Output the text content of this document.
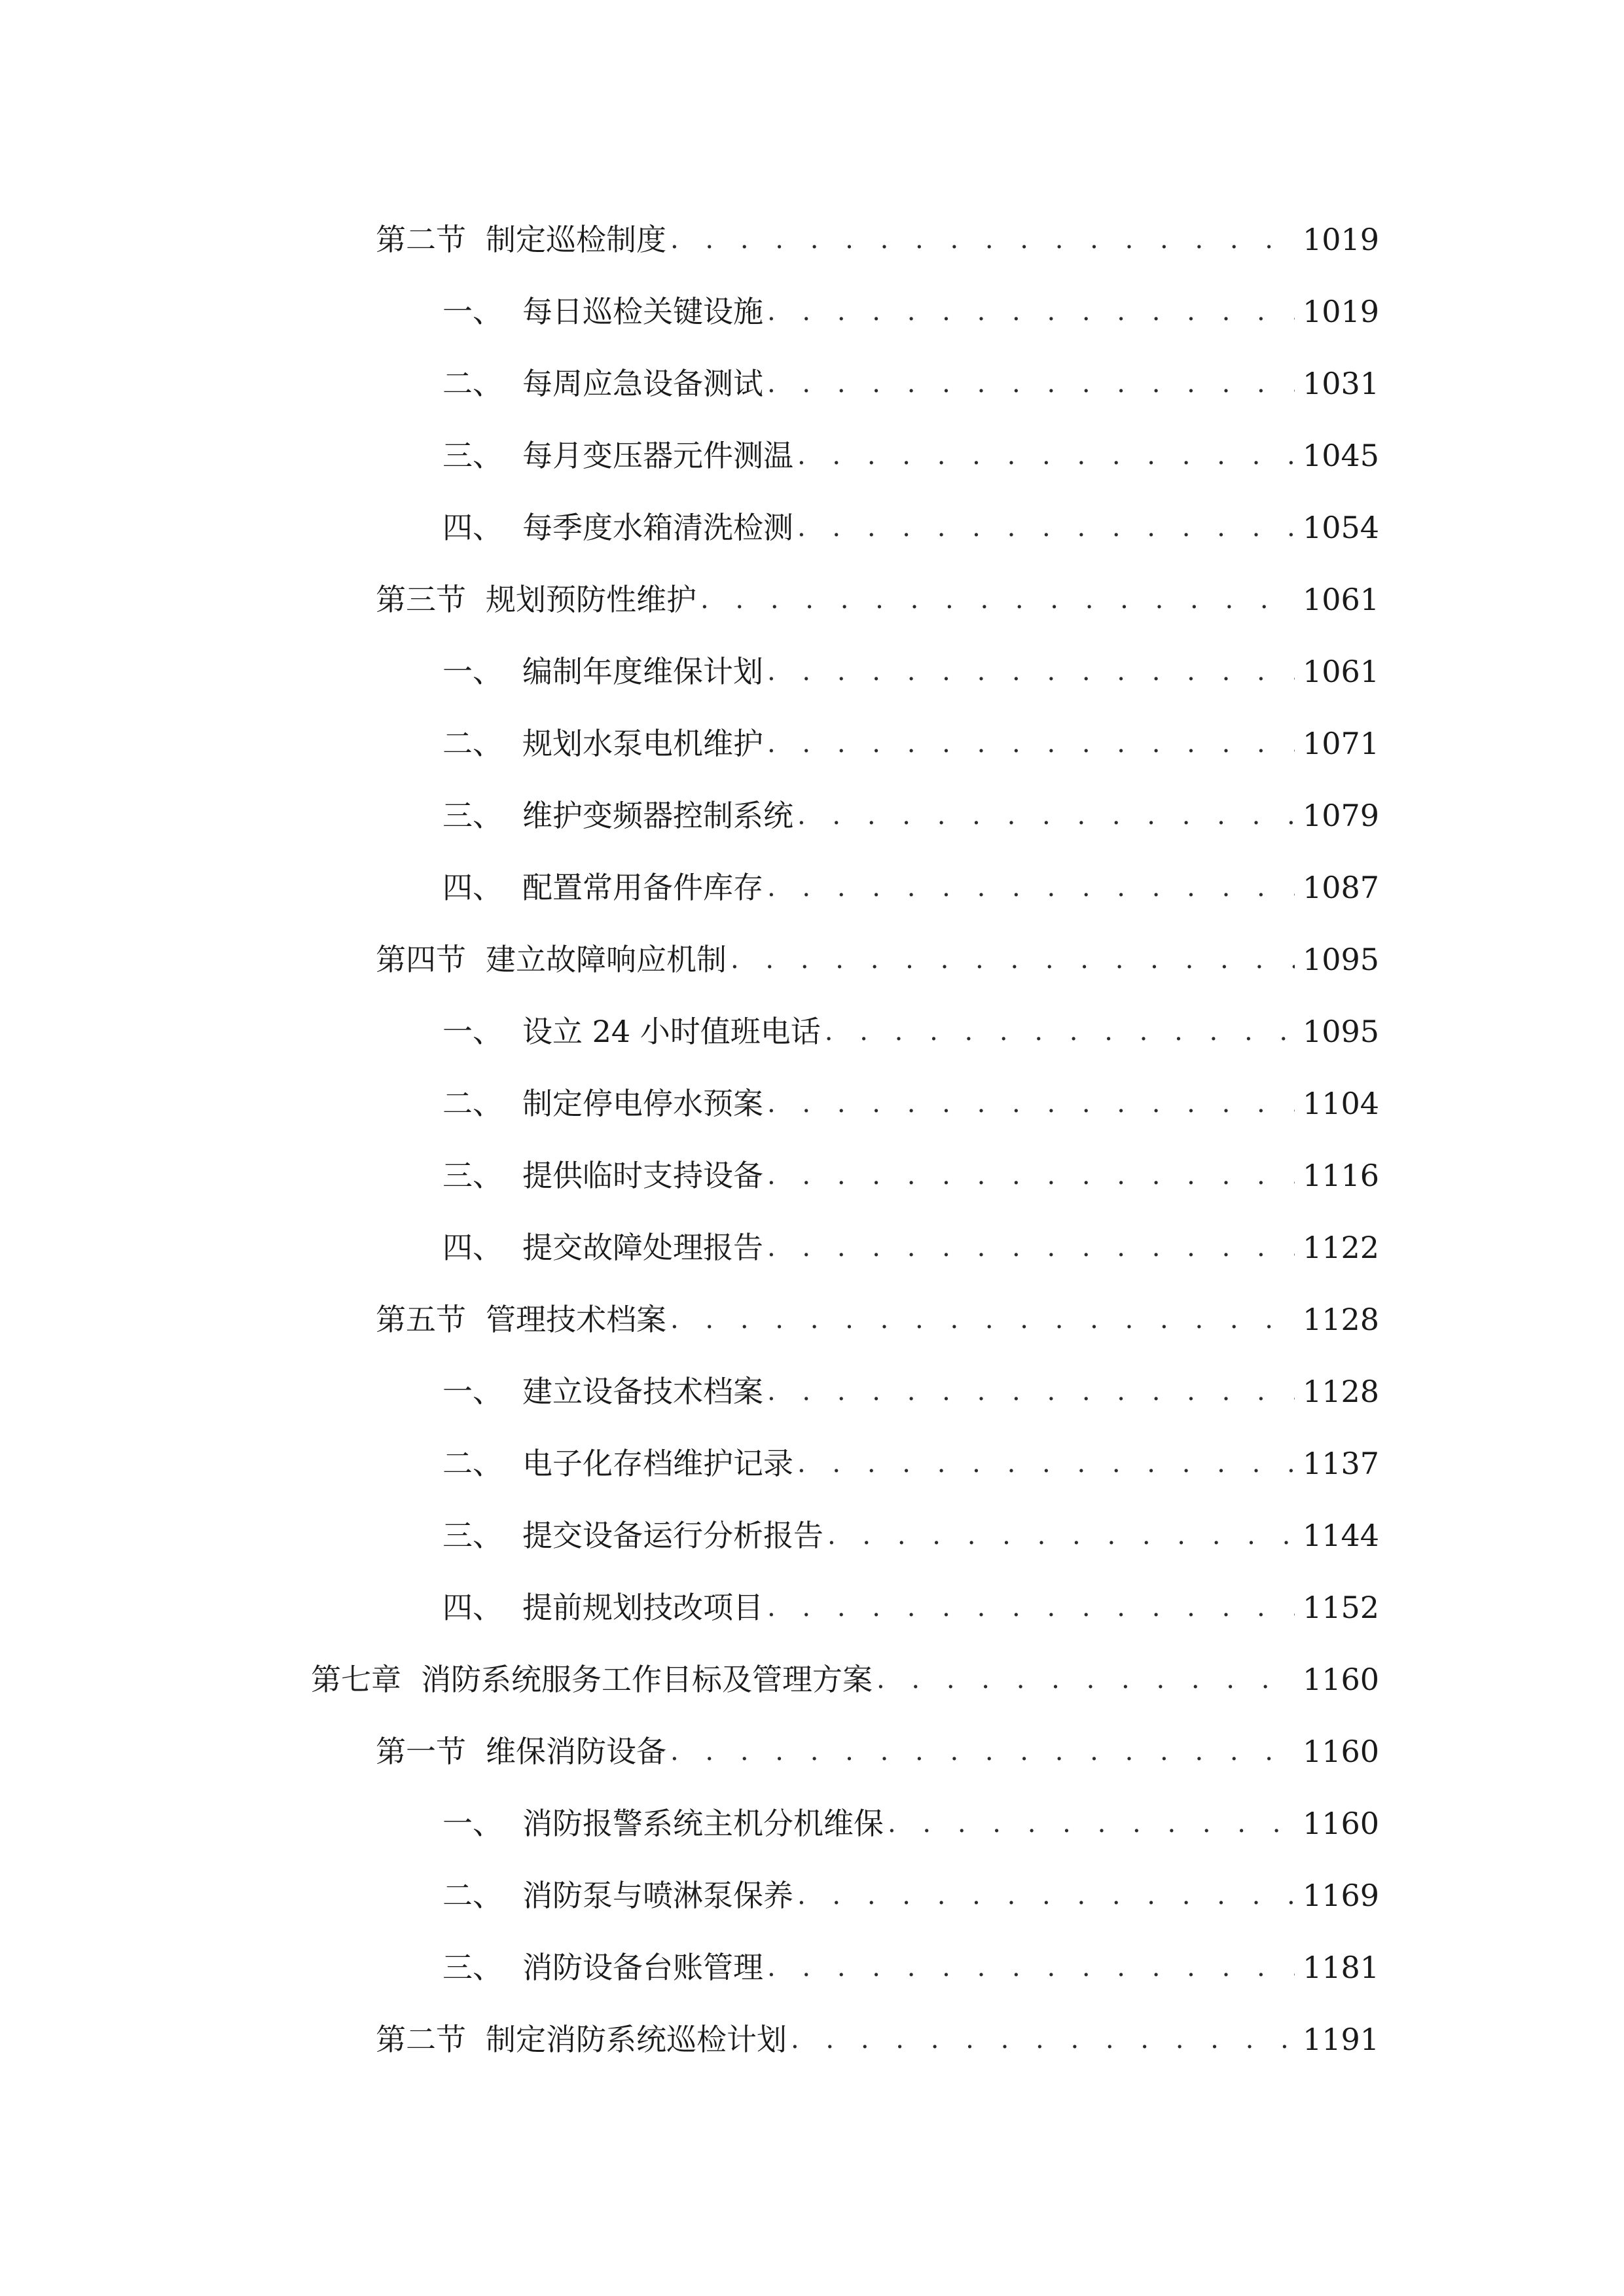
第二节 制定巡检制度 . . .	1019
一、 每日巡检关键设施 . . .	1019
二、 每周应急设备测试 . . .	1031
三、 每月变压器元件测温 . . .	1045
四、 每季度水箱清洗检测 . . .	1054
第三节 规划预防性维护 . . .	1061
一、 编制年度维保计划 . . .	1061
二、 规划水泵电机维护 . . .	1071
三、 维护变频器控制系统 . . .	1079
四、 配置常用备件库存 . . .	1087
第四节 建立故障响应机制 . . .	1095
一、 设立 24 小时值班电话 . . .	1095
二、 制定停电停水预案 . . .	1104
三、 提供临时支持设备 . . .	1116
四、 提交故障处理报告 . . .	1122
第五节 管理技术档案 . . .	1128
一、 建立设备技术档案 . . .	1128
二、 电子化存档维护记录 . . .	1137
三、 提交设备运行分析报告 . . .	1144
四、 提前规划技改项目 . . .	1152
第七章 消防系统服务工作目标及管理方案 . . .	1160
第一节 维保消防设备 . . .	1160
一、 消防报警系统主机分机维保 . . .	1160
二、 消防泵与喷淋泵保养 . . .	1169
三、 消防设备台账管理 . . .	1181
第二节 制定消防系统巡检计划 . . .	1191
